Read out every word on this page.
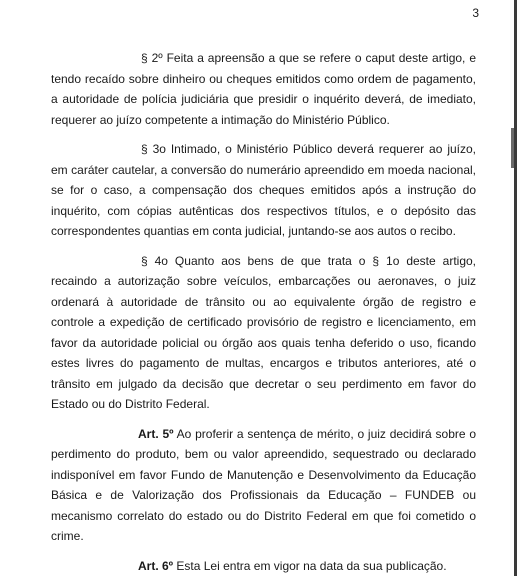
3

§ 2º Feita a apreensão a que se refere o caput deste artigo, e tendo recaído sobre dinheiro ou cheques emitidos como ordem de pagamento, a autoridade de polícia judiciária que presidir o inquérito deverá, de imediato, requerer ao juízo competente a intimação do Ministério Público.

§ 3o Intimado, o Ministério Público deverá requerer ao juízo, em caráter cautelar, a conversão do numerário apreendido em moeda nacional, se for o caso, a compensação dos cheques emitidos após a instrução do inquérito, com cópias autênticas dos respectivos títulos, e o depósito das correspondentes quantias em conta judicial, juntando-se aos autos o recibo.

§ 4o Quanto aos bens de que trata o § 1o deste artigo, recaindo a autorização sobre veículos, embarcações ou aeronaves, o juiz ordenará à autoridade de trânsito ou ao equivalente órgão de registro e controle a expedição de certificado provisório de registro e licenciamento, em favor da autoridade policial ou órgão aos quais tenha deferido o uso, ficando estes livres do pagamento de multas, encargos e tributos anteriores, até o trânsito em julgado da decisão que decretar o seu perdimento em favor do Estado ou do Distrito Federal.

Art. 5º Ao proferir a sentença de mérito, o juiz decidirá sobre o perdimento do produto, bem ou valor apreendido, sequestrado ou declarado indisponível em favor Fundo de Manutenção e Desenvolvimento da Educação Básica e de Valorização dos Profissionais da Educação – FUNDEB ou mecanismo correlato do estado ou do Distrito Federal em que foi cometido o crime.

Art. 6º Esta Lei entra em vigor na data da sua publicação.
